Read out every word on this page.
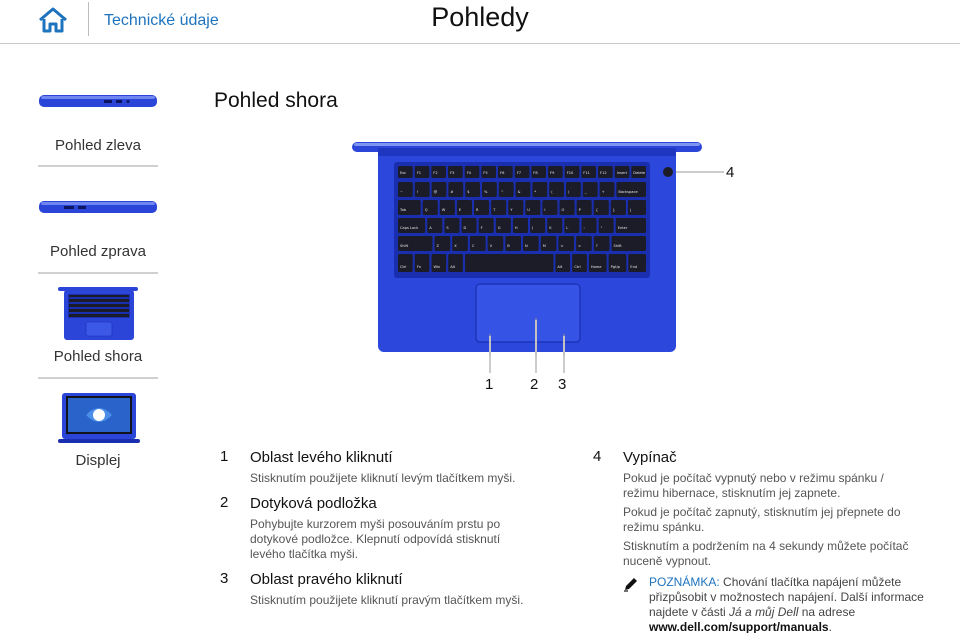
Technické údaje	Pohledy
Pohled zleva
Pohled zprava
Pohled shora
Displej
Pohled shora
Esc	F1	F2	F3	F4	F5	F6	F7	F8	F9	F10	F11	F12	Insert Delete
~	!	@	#	$	%	^	&	*	(	)	_	+	Backspace
Tab	Q	W	E	R	T	Y	U	I	O	P	{	}	|
Caps Lock	A	S	D	F	G	H	J	K	L	:	"	Enter
Shift	Z	X	C	V	B	N	M	<	>	?	Shift
Ctrl	Fn	Win	Alt	Alt	Ctrl	Home	PgUp	End
1 2 3
4
1	Oblast levého kliknutí
Stisknutím použijete kliknutí levým tlačítkem myši.
2	Dotyková podložka
Pohybujte kurzorem myši posouváním prstu po dotykové podložce. Klepnutí odpovídá stisknutí levého tlačítka myši.
3	Oblast pravého kliknutí
Stisknutím použijete kliknutí pravým tlačítkem myši.
4	Vypínač
Pokud je počítač vypnutý nebo v režimu spánku / režimu hibernace, stisknutím jej zapnete.
Pokud je počítač zapnutý, stisknutím jej přepnete do režimu spánku.
Stisknutím a podržením na 4 sekundy můžete počítač nuceně vypnout.
POZNÁMKA: Chování tlačítka napájení můžete přizpůsobit v možnostech napájení. Další informace najdete v části Já a můj Dell na adrese www.dell.com/support/manuals.
